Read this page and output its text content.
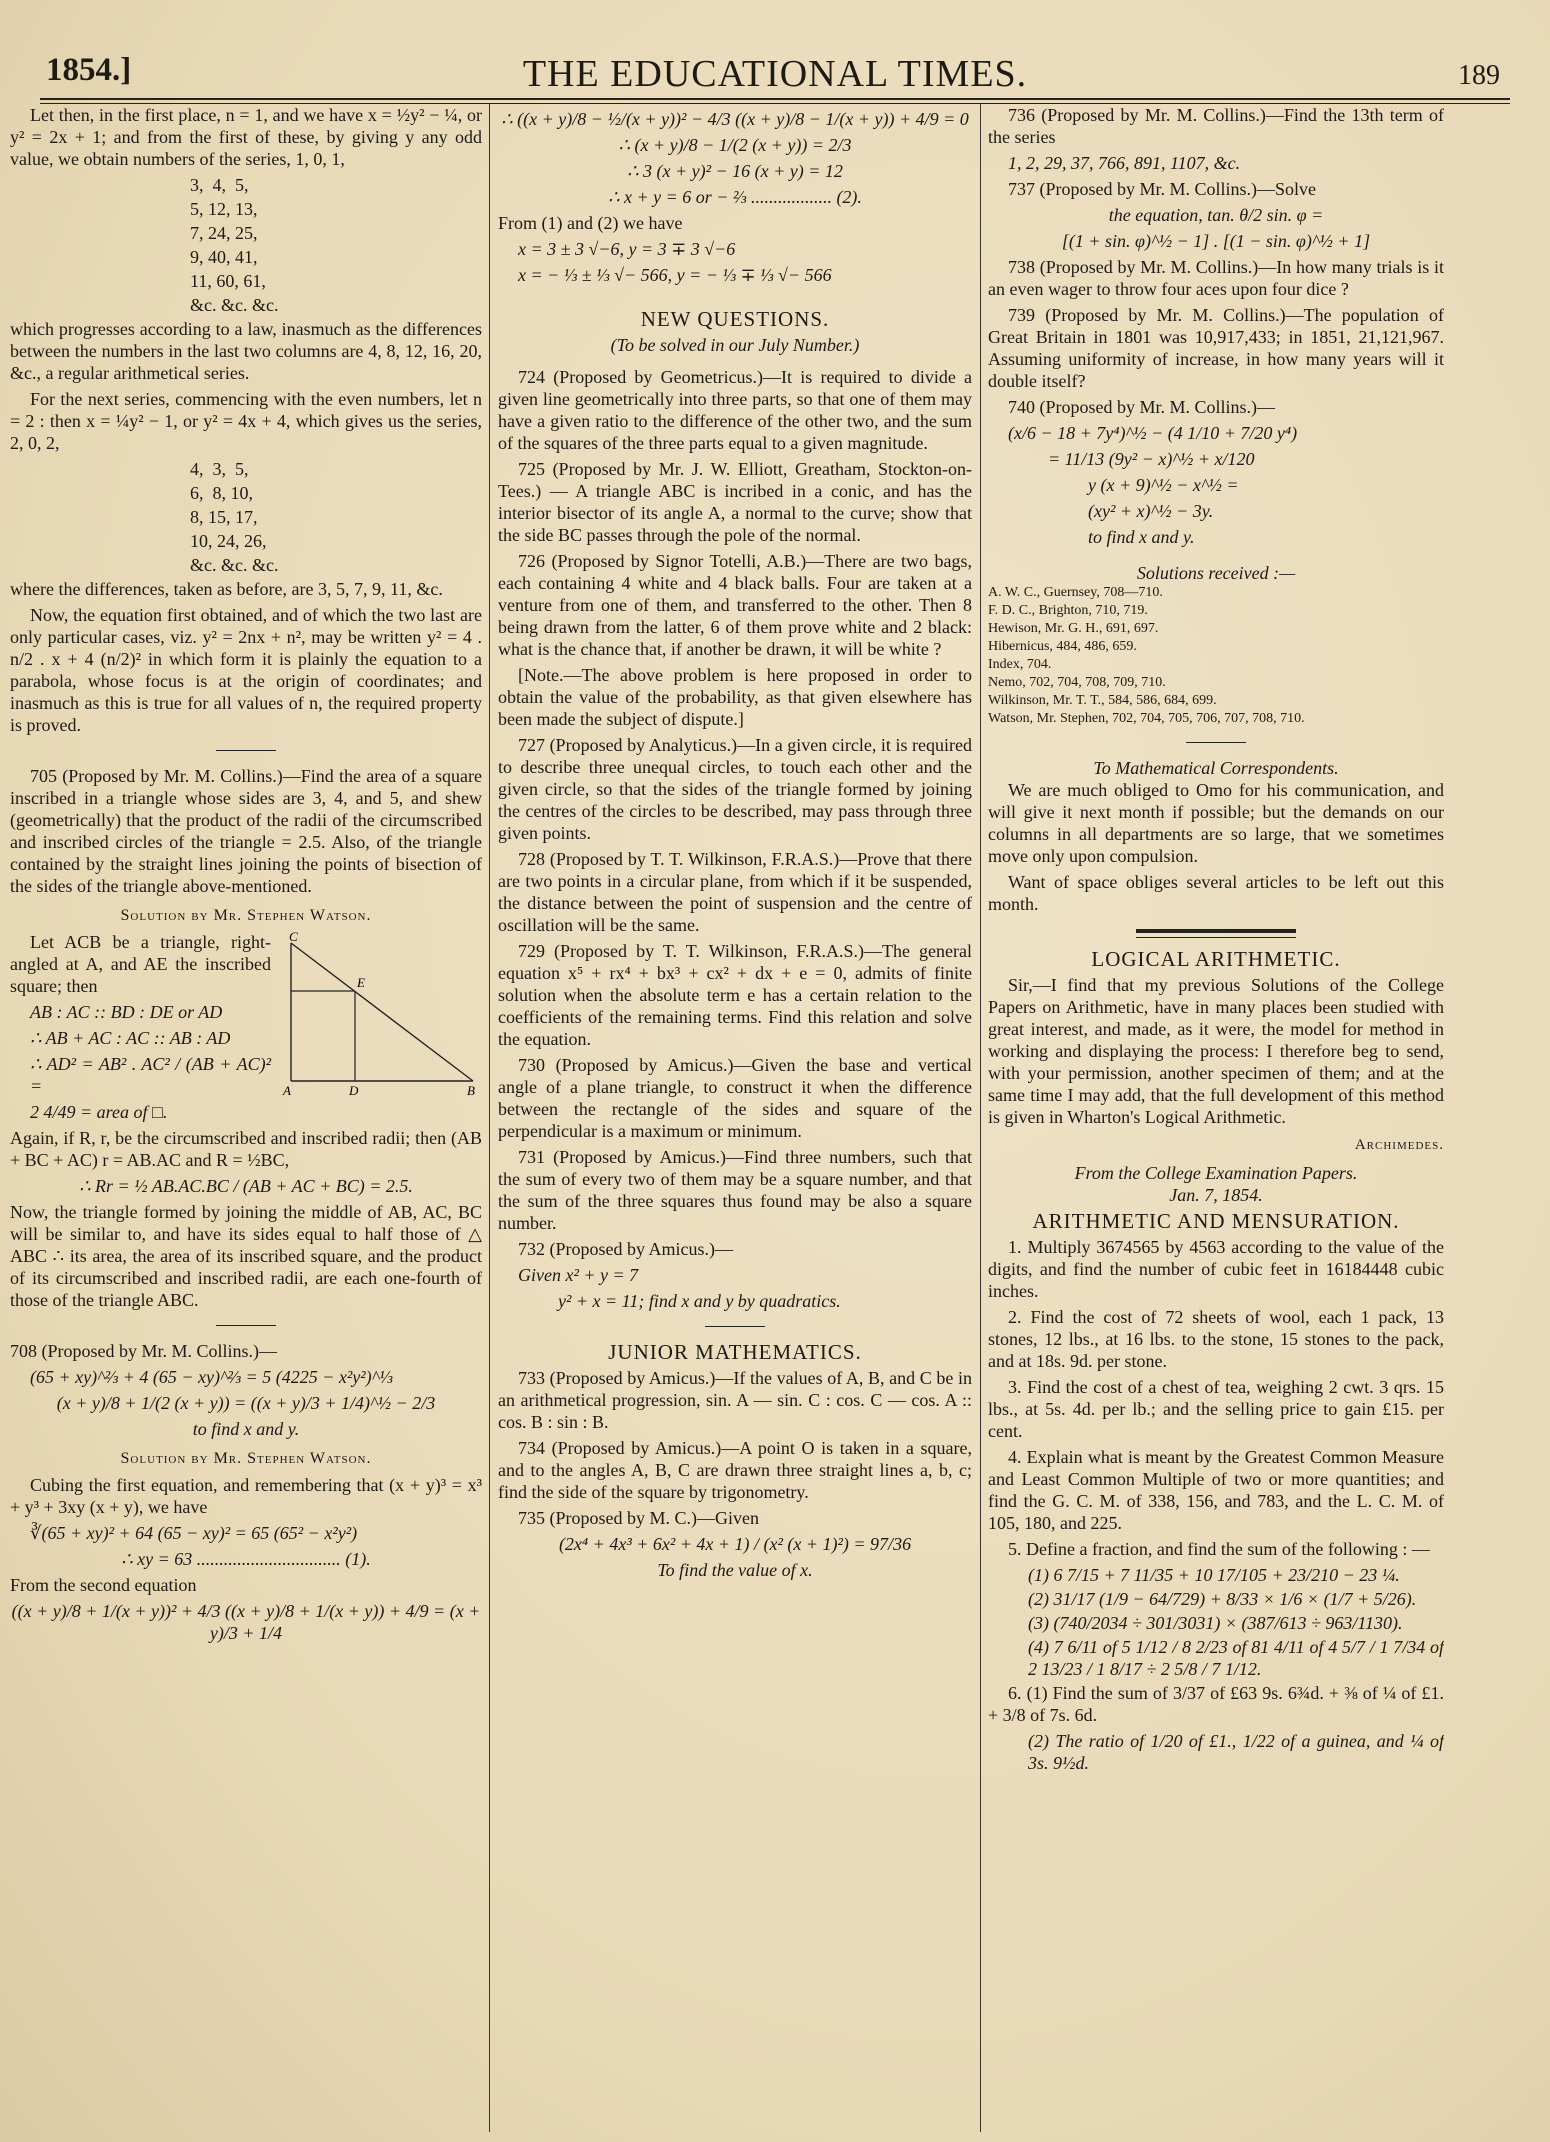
1854.]	THE EDUCATIONAL TIMES.	189

Let then, in the first place, n = 1, and we have x = ½y² − ¼, or y² = 2x + 1; and from the first of these, by giving y any odd value, we obtain numbers of the series, 1, 0, 1,

3,  4,  5,
5, 12, 13,
7, 24, 25,
9, 40, 41,
11, 60, 61,
&c. &c. &c.

which progresses according to a law, inasmuch as the differences between the numbers in the last two columns are 4, 8, 12, 16, 20, &c., a regular arithmetical series.

For the next series, commencing with the even numbers, let n = 2 : then x = ¼y² − 1, or y² = 4x + 4, which gives us the series, 2, 0, 2,

4,  3,  5,
6,  8, 10,
8, 15, 17,
10, 24, 26,
&c. &c. &c.

where the differences, taken as before, are 3, 5, 7, 9, 11, &c.

Now, the equation first obtained, and of which the two last are only particular cases, viz. y² = 2nx + n², may be written y² = 4 . n/2 . x + 4 (n/2)² in which form it is plainly the equation to a parabola, whose focus is at the origin of coordinates; and inasmuch as this is true for all values of n, the required property is proved.

705 (Proposed by Mr. M. Collins.)—Find the area of a square inscribed in a triangle whose sides are 3, 4, and 5, and shew (geometrically) that the product of the radii of the circumscribed and inscribed circles of the triangle = 2.5. Also, of the triangle contained by the straight lines joining the points of bisection of the sides of the triangle above-mentioned.

Solution by Mr. Stephen Watson.
C
E
A	D	B

Let ACB be a triangle, right-angled at A, and AE the inscribed square; then

AB : AC :: BD : DE or AD
∴ AB + AC : AC :: AB : AD
∴ AD² = AB² . AC² / (AB + AC)² =
2 4/49 = area of □.

Again, if R, r, be the circumscribed and inscribed radii; then (AB + BC + AC) r = AB.AC and R = ½BC,

∴ Rr = ½ AB.AC.BC / (AB + AC + BC) = 2.5.

Now, the triangle formed by joining the middle of AB, AC, BC will be similar to, and have its sides equal to half those of △ ABC ∴ its area, the area of its inscribed square, and the product of its circumscribed and inscribed radii, are each one-fourth of those of the triangle ABC.

708 (Proposed by Mr. M. Collins.)—

(65 + xy)^⅔ + 4 (65 − xy)^⅔ = 5 (4225 − x²y²)^⅓
(x + y)/8 + 1/(2 (x + y)) = ((x + y)/3 + 1/4)^½ − 2/3
to find x and y.
Solution by Mr. Stephen Watson.

Cubing the first equation, and remembering that (x + y)³ = x³ + y³ + 3xy (x + y), we have

∛(65 + xy)² + 64 (65 − xy)² = 65 (65² − x²y²)
∴ xy = 63 ................................ (1).

From the second equation

((x + y)/8 + 1/(x + y))² + 4/3 ((x + y)/8 + 1/(x + y)) + 4/9 = (x + y)/3 + 1/4
∴ ((x + y)/8 − ½/(x + y))² − 4/3 ((x + y)/8 − 1/(x + y)) + 4/9 = 0
∴ (x + y)/8 − 1/(2 (x + y)) = 2/3
∴ 3 (x + y)² − 16 (x + y) = 12
∴ x + y = 6 or − ⅔ .................. (2).

From (1) and (2) we have

x = 3 ± 3 √−6, y = 3 ∓ 3 √−6
x = − ⅓ ± ⅓ √− 566, y = − ⅓ ∓ ⅓ √− 566
NEW QUESTIONS.
(To be solved in our July Number.)

724 (Proposed by Geometricus.)—It is required to divide a given line geometrically into three parts, so that one of them may have a given ratio to the difference of the other two, and the sum of the squares of the three parts equal to a given magnitude.

725 (Proposed by Mr. J. W. Elliott, Greatham, Stockton-on-Tees.) — A triangle ABC is incribed in a conic, and has the interior bisector of its angle A, a normal to the curve; show that the side BC passes through the pole of the normal.

726 (Proposed by Signor Totelli, A.B.)—There are two bags, each containing 4 white and 4 black balls. Four are taken at a venture from one of them, and transferred to the other. Then 8 being drawn from the latter, 6 of them prove white and 2 black: what is the chance that, if another be drawn, it will be white ?

[Note.—The above problem is here proposed in order to obtain the value of the probability, as that given elsewhere has been made the subject of dispute.]

727 (Proposed by Analyticus.)—In a given circle, it is required to describe three unequal circles, to touch each other and the given circle, so that the sides of the triangle formed by joining the centres of the circles to be described, may pass through three given points.

728 (Proposed by T. T. Wilkinson, F.R.A.S.)—Prove that there are two points in a circular plane, from which if it be suspended, the distance between the point of suspension and the centre of oscillation will be the same.

729 (Proposed by T. T. Wilkinson, F.R.A.S.)—The general equation x⁵ + rx⁴ + bx³ + cx² + dx + e = 0, admits of finite solution when the absolute term e has a certain relation to the coefficients of the remaining terms. Find this relation and solve the equation.

730 (Proposed by Amicus.)—Given the base and vertical angle of a plane triangle, to construct it when the difference between the rectangle of the sides and square of the perpendicular is a maximum or minimum.

731 (Proposed by Amicus.)—Find three numbers, such that the sum of every two of them may be a square number, and that the sum of the three squares thus found may be also a square number.

732 (Proposed by Amicus.)—

Given x² + y = 7
y² + x = 11; find x and y by quadratics.
JUNIOR MATHEMATICS.

733 (Proposed by Amicus.)—If the values of A, B, and C be in an arithmetical progression, sin. A — sin. C : cos. C — cos. A :: cos. B : sin : B.

734 (Proposed by Amicus.)—A point O is taken in a square, and to the angles A, B, C are drawn three straight lines a, b, c; find the side of the square by trigonometry.

735 (Proposed by M. C.)—Given

(2x⁴ + 4x³ + 6x² + 4x + 1) / (x² (x + 1)²) = 97/36
To find the value of x.

736 (Proposed by Mr. M. Collins.)—Find the 13th term of the series

1, 2, 29, 37, 766, 891, 1107, &c.

737 (Proposed by Mr. M. Collins.)—Solve

the equation, tan. θ/2 sin. φ =
[(1 + sin. φ)^½ − 1] . [(1 − sin. φ)^½ + 1]

738 (Proposed by Mr. M. Collins.)—In how many trials is it an even wager to throw four aces upon four dice ?

739 (Proposed by Mr. M. Collins.)—The population of Great Britain in 1801 was 10,917,433; in 1851, 21,121,967. Assuming uniformity of increase, in how many years will it double itself?

740 (Proposed by Mr. M. Collins.)—

(x/6 − 18 + 7y⁴)^½ − (4 1/10 + 7/20 y⁴)
= 11/13 (9y² − x)^½ + x/120
y (x + 9)^½ − x^½ =
(xy² + x)^½ − 3y.
to find x and y.
Solutions received :—
A. W. C., Guernsey, 708—710.
F. D. C., Brighton, 710, 719.
Hewison, Mr. G. H., 691, 697.
Hibernicus, 484, 486, 659.
Index, 704.
Nemo, 702, 704, 708, 709, 710.
Wilkinson, Mr. T. T., 584, 586, 684, 699.
Watson, Mr. Stephen, 702, 704, 705, 706, 707, 708, 710.
To Mathematical Correspondents.

We are much obliged to Omo for his communication, and will give it next month if possible; but the demands on our columns in all departments are so large, that we sometimes move only upon compulsion.

Want of space obliges several articles to be left out this month.

LOGICAL ARITHMETIC.

Sir,—I find that my previous Solutions of the College Papers on Arithmetic, have in many places been studied with great interest, and made, as it were, the model for method in working and displaying the process: I therefore beg to send, with your permission, another specimen of them; and at the same time I may add, that the full development of this method is given in Wharton's Logical Arithmetic.

Archimedes.
From the College Examination Papers.
Jan. 7, 1854.
ARITHMETIC AND MENSURATION.

1. Multiply 3674565 by 4563 according to the value of the digits, and find the number of cubic feet in 16184448 cubic inches.

2. Find the cost of 72 sheets of wool, each 1 pack, 13 stones, 12 lbs., at 16 lbs. to the stone, 15 stones to the pack, and at 18s. 9d. per stone.

3. Find the cost of a chest of tea, weighing 2 cwt. 3 qrs. 15 lbs., at 5s. 4d. per lb.; and the selling price to gain £15. per cent.

4. Explain what is meant by the Greatest Common Measure and Least Common Multiple of two or more quantities; and find the G. C. M. of 338, 156, and 783, and the L. C. M. of 105, 180, and 225.

5. Define a fraction, and find the sum of the following : —

(1) 6 7/15 + 7 11/35 + 10 17/105 + 23/210 − 23 ¼.
(2) 31/17 (1/9 − 64/729) + 8/33 × 1/6 × (1/7 + 5/26).
(3) (740/2034 ÷ 301/3031) × (387/613 ÷ 963/1130).
(4) 7 6/11 of 5 1/12 / 8 2/23 of 81 4/11 of 4 5/7 / 1 7/34 of 2 13/23 / 1 8/17 ÷ 2 5/8 / 7 1/12.

6. (1) Find the sum of 3/37 of £63 9s. 6¾d. + ⅜ of ¼ of £1. + 3/8 of 7s. 6d.

(2) The ratio of 1/20 of £1., 1/22 of a guinea, and ¼ of 3s. 9½d.
